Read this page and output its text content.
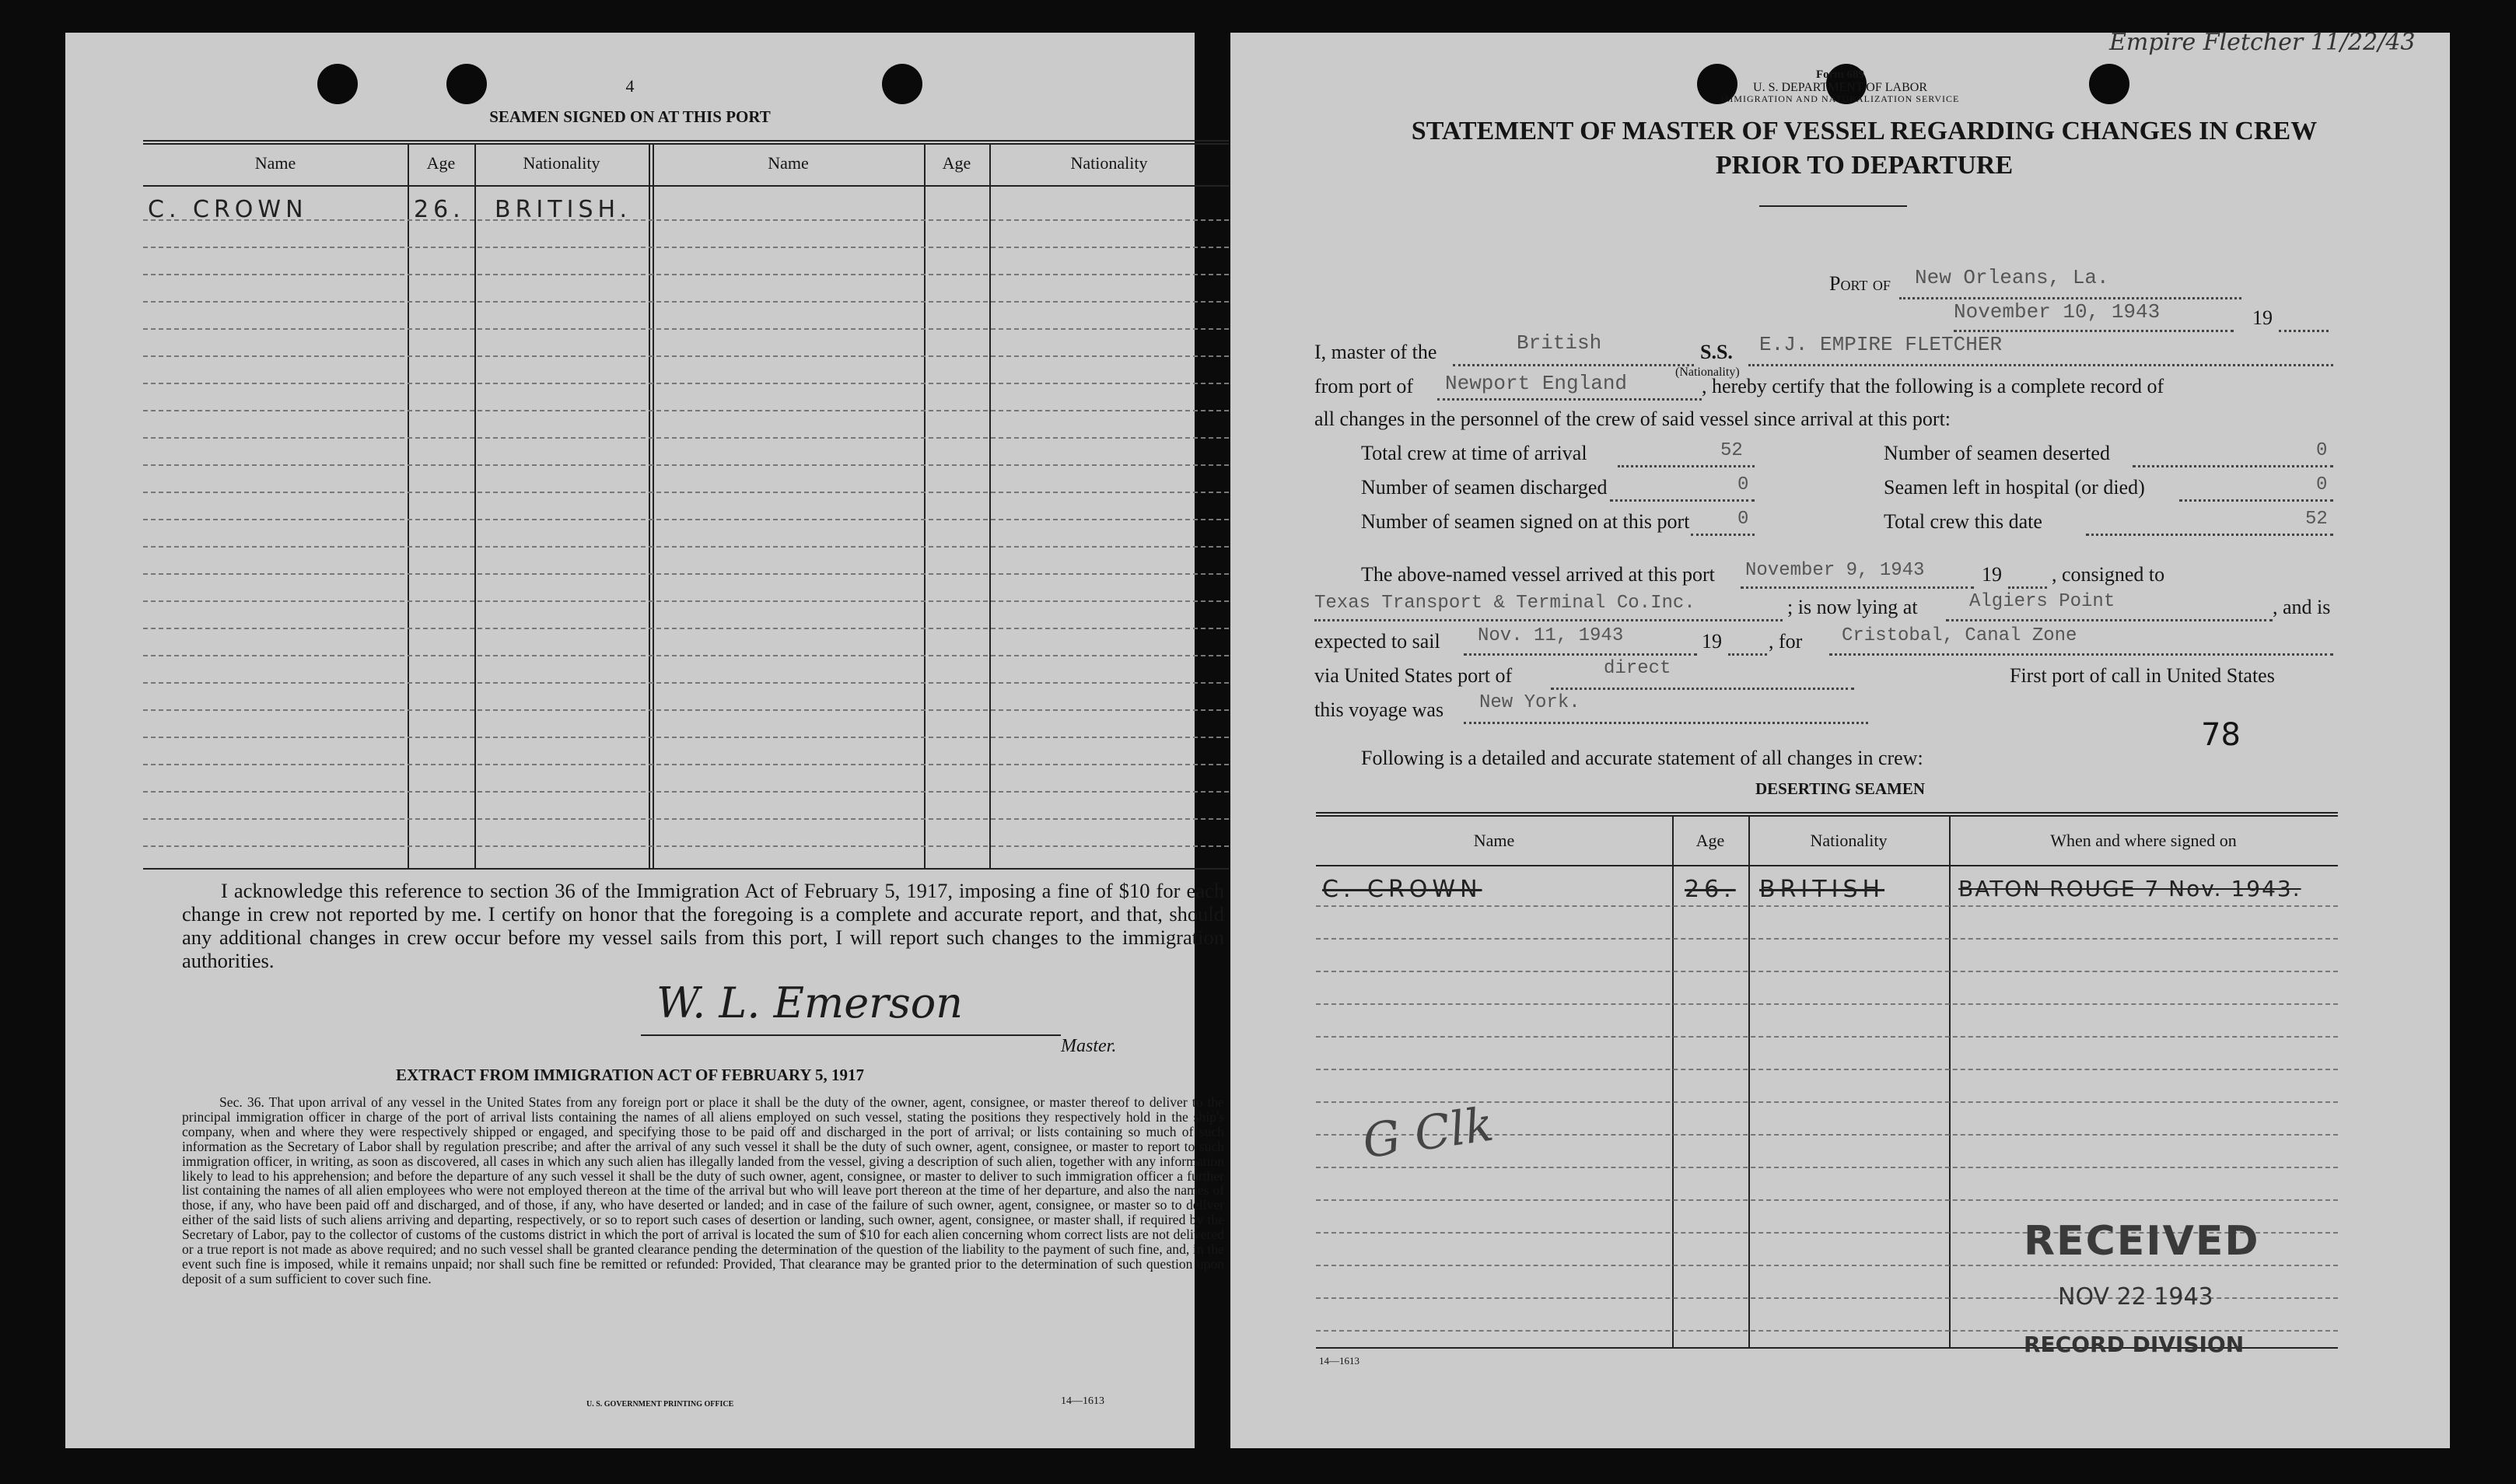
4
SEAMEN SIGNED ON AT THIS PORT
Name	Age	Nationality	Name	Age	Nationality
C. CROWN	26. BRITISH.
I acknowledge this reference to section 36 of the Immigration Act of February 5, 1917, imposing a fine of $10 for each change in crew not reported by me. I certify on honor that the foregoing is a complete and accurate report, and that, should any additional changes in crew occur before my vessel sails from this port, I will report such changes to the immigration authorities.
W. L. Emerson
Master.
EXTRACT FROM IMMIGRATION ACT OF FEBRUARY 5, 1917
Sec. 36. That upon arrival of any vessel in the United States from any foreign port or place it shall be the duty of the owner, agent, consignee, or master thereof to deliver to the principal immigration officer in charge of the port of arrival lists containing the names of all aliens employed on such vessel, stating the positions they respectively hold in the ship's company, when and where they were respectively shipped or engaged, and specifying those to be paid off and discharged in the port of arrival; or lists containing so much of such information as the Secretary of Labor shall by regulation prescribe; and after the arrival of any such vessel it shall be the duty of such owner, agent, consignee, or master to report to such immigration officer, in writing, as soon as discovered, all cases in which any such alien has illegally landed from the vessel, giving a description of such alien, together with any information likely to lead to his apprehension; and before the departure of any such vessel it shall be the duty of such owner, agent, consignee, or master to deliver to such immigration officer a further list containing the names of all alien employees who were not employed thereon at the time of the arrival but who will leave port thereon at the time of her departure, and also the names of those, if any, who have been paid off and discharged, and of those, if any, who have deserted or landed; and in case of the failure of such owner, agent, consignee, or master so to deliver either of the said lists of such aliens arriving and departing, respectively, or so to report such cases of desertion or landing, such owner, agent, consignee, or master shall, if required by the Secretary of Labor, pay to the collector of customs of the customs district in which the port of arrival is located the sum of $10 for each alien concerning whom correct lists are not delivered or a true report is not made as above required; and no such vessel shall be granted clearance pending the determination of the question of the liability to the payment of such fine, and, in the event such fine is imposed, while it remains unpaid; nor shall such fine be remitted or refunded: Provided, That clearance may be granted prior to the determination of such question upon deposit of a sum sufficient to cover such fine.
U. S. GOVERNMENT PRINTING OFFICE	14—1613
Form 689
U. S. DEPARTMENT OF LABOR
IMMIGRATION AND NATURALIZATION SERVICE
STATEMENT OF MASTER OF VESSEL REGARDING CHANGES IN CREW
PRIOR TO DEPARTURE
Empire Fletcher 11/22/43
Port of New Orleans, La.
November 10, 1943	19
I, master of the	British
(Nationality)
S.S. E.J. EMPIRE FLETCHER
from port of Newport England	, hereby certify that the following is a complete record of
all changes in the personnel of the crew of said vessel since arrival at this port:
Total crew at time of arrival	52	Number of seamen deserted	0
Number of seamen discharged	0	Seamen left in hospital (or died)	0
Number of seamen signed on at this port	0	Total crew this date	52
The above-named vessel arrived at this port November 9, 1943	19 , consigned to
Texas Transport & Terminal Co.Inc.	; is now lying at	Algiers Point	, and is
expected to sail Nov. 11, 1943	19 , for Cristobal, Canal Zone
via United States port of	direct	First port of call in United States
this voyage was New York.
78
Following is a detailed and accurate statement of all changes in crew:
DESERTING SEAMEN
Name	Age	Nationality	When and where signed on
C. CROWN	26. BRITISH	BATON ROUGE 7 Nov. 1943.
G Clk
RECEIVED
NOV 22 1943
RECORD DIVISION
14—1613
